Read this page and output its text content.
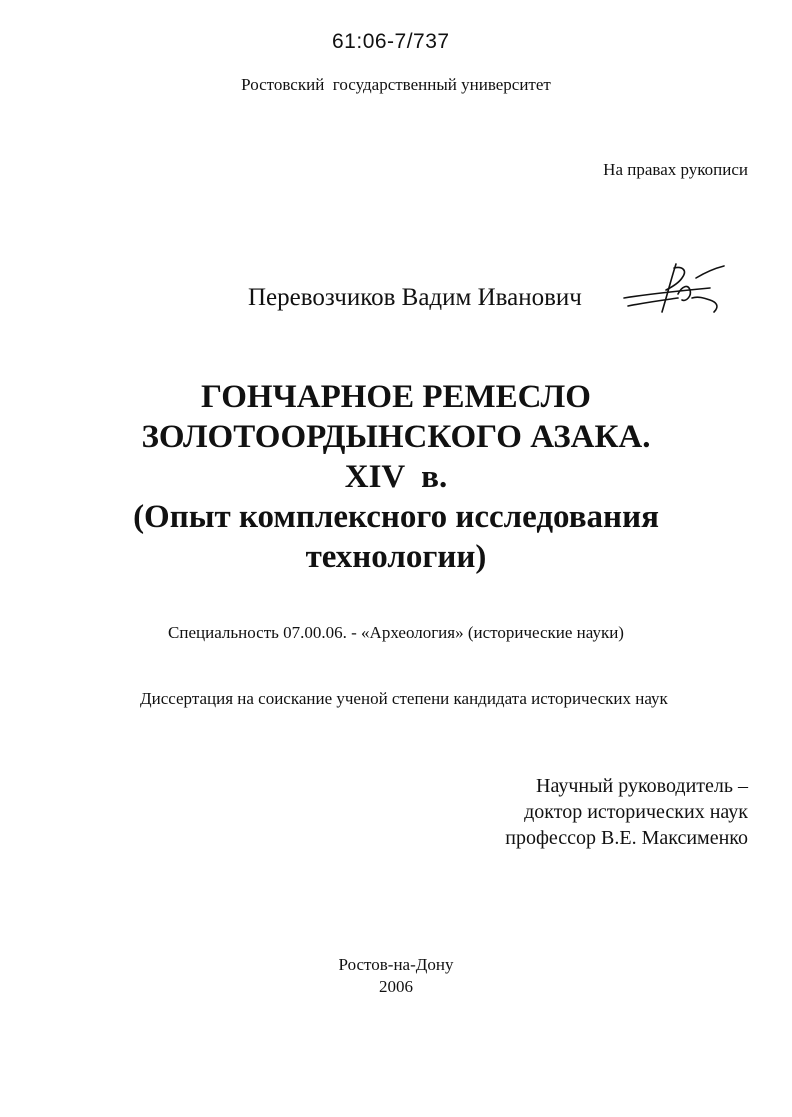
61:06-7/737
Ростовский  государственный университет
На правах рукописи
Перевозчиков Вадим Иванович
ГОНЧАРНОЕ РЕМЕСЛО
ЗОЛОТООРДЫНСКОГО АЗАКА.
XIV  в.
(Опыт комплексного исследования
технологии)
Специальность 07.00.06. - «Археология» (исторические науки)
Диссертация на соискание ученой степени кандидата исторических наук
Научный руководитель –
доктор исторических наук
профессор В.Е. Максименко
Ростов-на-Дону
2006
